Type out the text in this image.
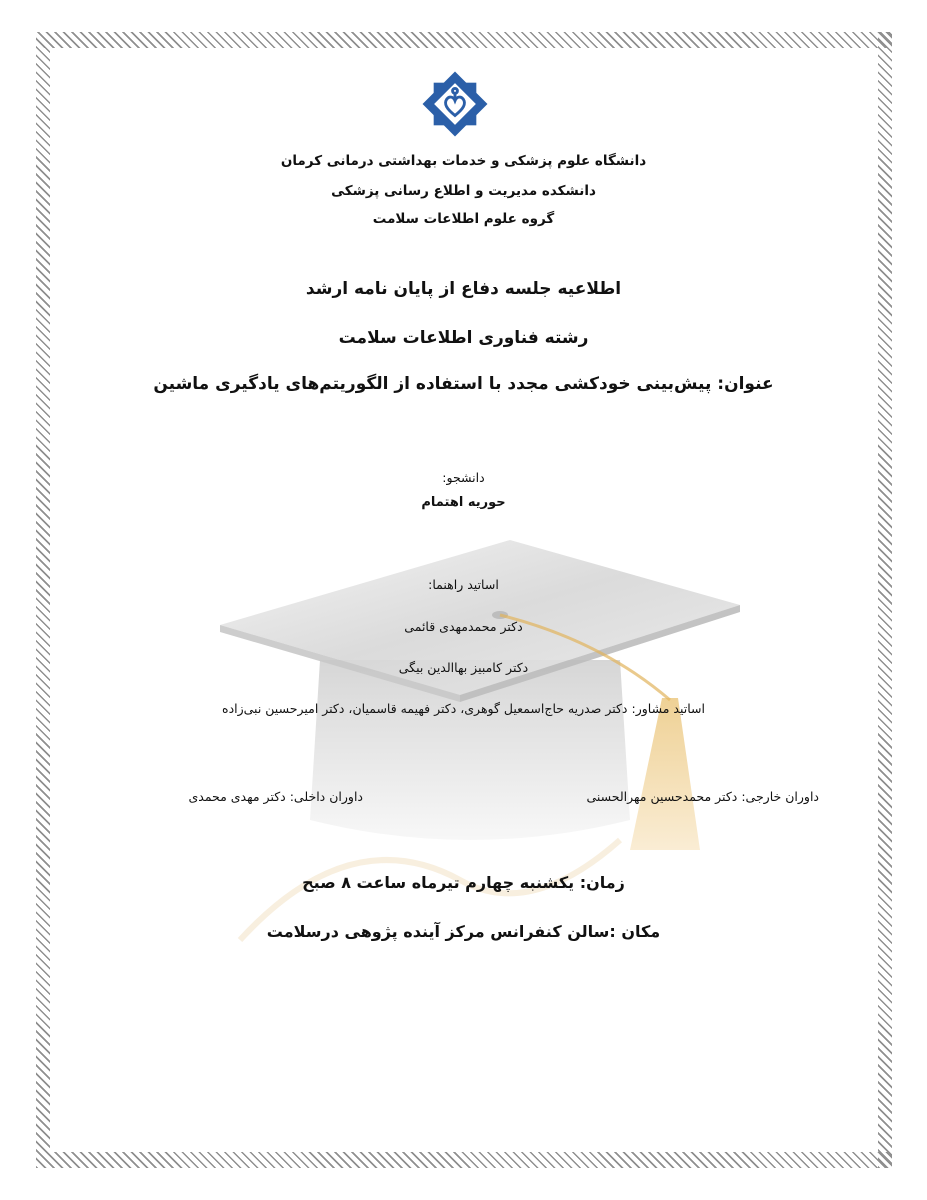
دانشگاه علوم پزشکی و خدمات بهداشتی درمانی کرمان
دانشکده مدیریت و اطلاع رسانی پزشکی
گروه علوم اطلاعات سلامت
اطلاعیه جلسه دفاع از پایان نامه ارشد
رشته فناوری اطلاعات سلامت
عنوان: پیش‌بینی خودکشی مجدد با استفاده از الگوریتم‌های یادگیری ماشین
دانشجو:
حوریه اهتمام
اساتید راهنما:
دکتر محمدمهدی قائمی
دکتر کامبیز بهاالدین بیگی
اساتید مشاور: دکتر صدریه حاج‌اسمعیل گوهری، دکتر فهیمه قاسمیان، دکتر امیرحسین نبی‌زاده
داوران خارجی: دکتر محمدحسین مهرالحسنی
داوران داخلی: دکتر مهدی محمدی
زمان: یکشنبه چهارم تیرماه ساعت ۸ صبح
مکان :سالن کنفرانس مرکز آینده پژوهی درسلامت
